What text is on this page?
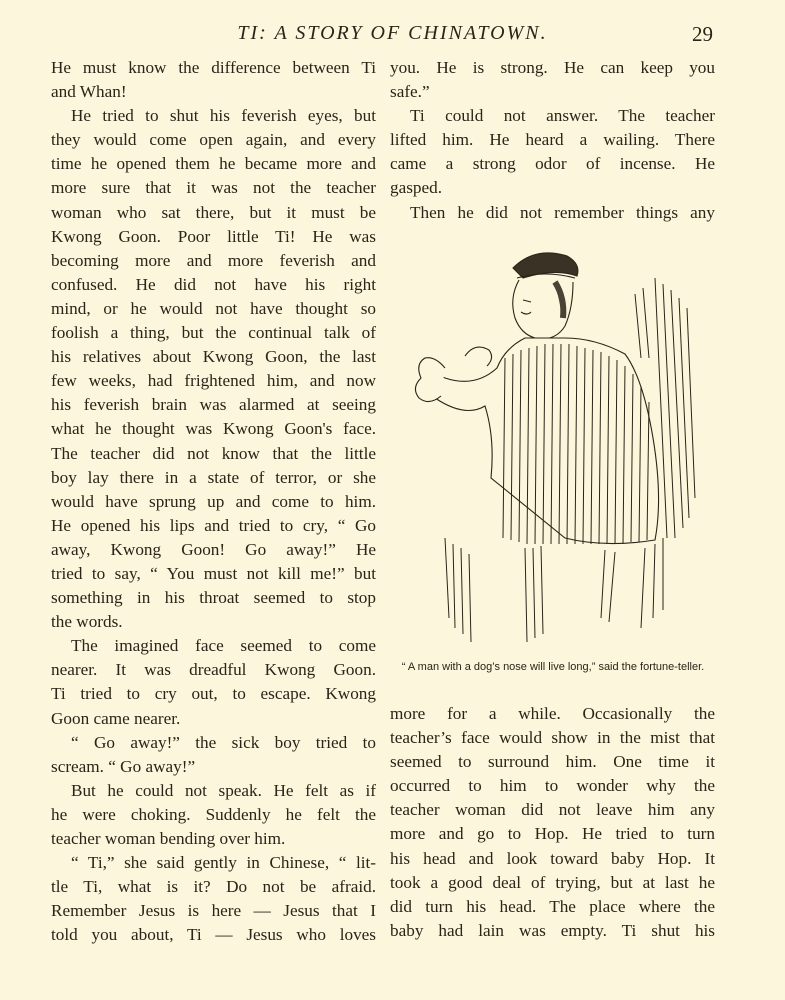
TI: A STORY OF CHINATOWN.	29
He must know the difference between Ti
and Whan!
He tried to shut his feverish eyes, but
they would come open again, and every
time he opened them he became more and
more sure that it was not the teacher
woman who sat there, but it must be
Kwong Goon. Poor little Ti! He was
becoming more and more feverish and
confused. He did not have his right
mind, or he would not have thought so
foolish a thing, but the continual talk of
his relatives about Kwong Goon, the last
few weeks, had frightened him, and now
his feverish brain was alarmed at seeing
what he thought was Kwong Goon's face.
The teacher did not know that the little
boy lay there in a state of terror, or she
would have sprung up and come to him.
He opened his lips and tried to cry, “ Go
away, Kwong Goon! Go away!” He
tried to say, “ You must not kill me!” but
something in his throat seemed to stop
the words.
The imagined face seemed to come
nearer. It was dreadful Kwong Goon.
Ti tried to cry out, to escape. Kwong
Goon came nearer.
“ Go away!” the sick boy tried to
scream. “ Go away!”
But he could not speak. He felt as if
he were choking. Suddenly he felt the
teacher woman bending over him.
“ Ti,” she said gently in Chinese, “ lit-
tle Ti, what is it? Do not be afraid.
Remember Jesus is here — Jesus that I
told you about, Ti — Jesus who loves
you. He is strong. He can keep you
safe.”
Ti could not answer. The teacher
lifted him. He heard a wailing. There
came a strong odor of incense. He
gasped.
Then he did not remember things any
“ A man with a dog’s nose will live long,” said the fortune-teller.
more for a while. Occasionally the
teacher’s face would show in the mist that
seemed to surround him. One time it
occurred to him to wonder why the
teacher woman did not leave him any
more and go to Hop. He tried to turn
his head and look toward baby Hop. It
took a good deal of trying, but at last he
did turn his head. The place where the
baby had lain was empty. Ti shut his
